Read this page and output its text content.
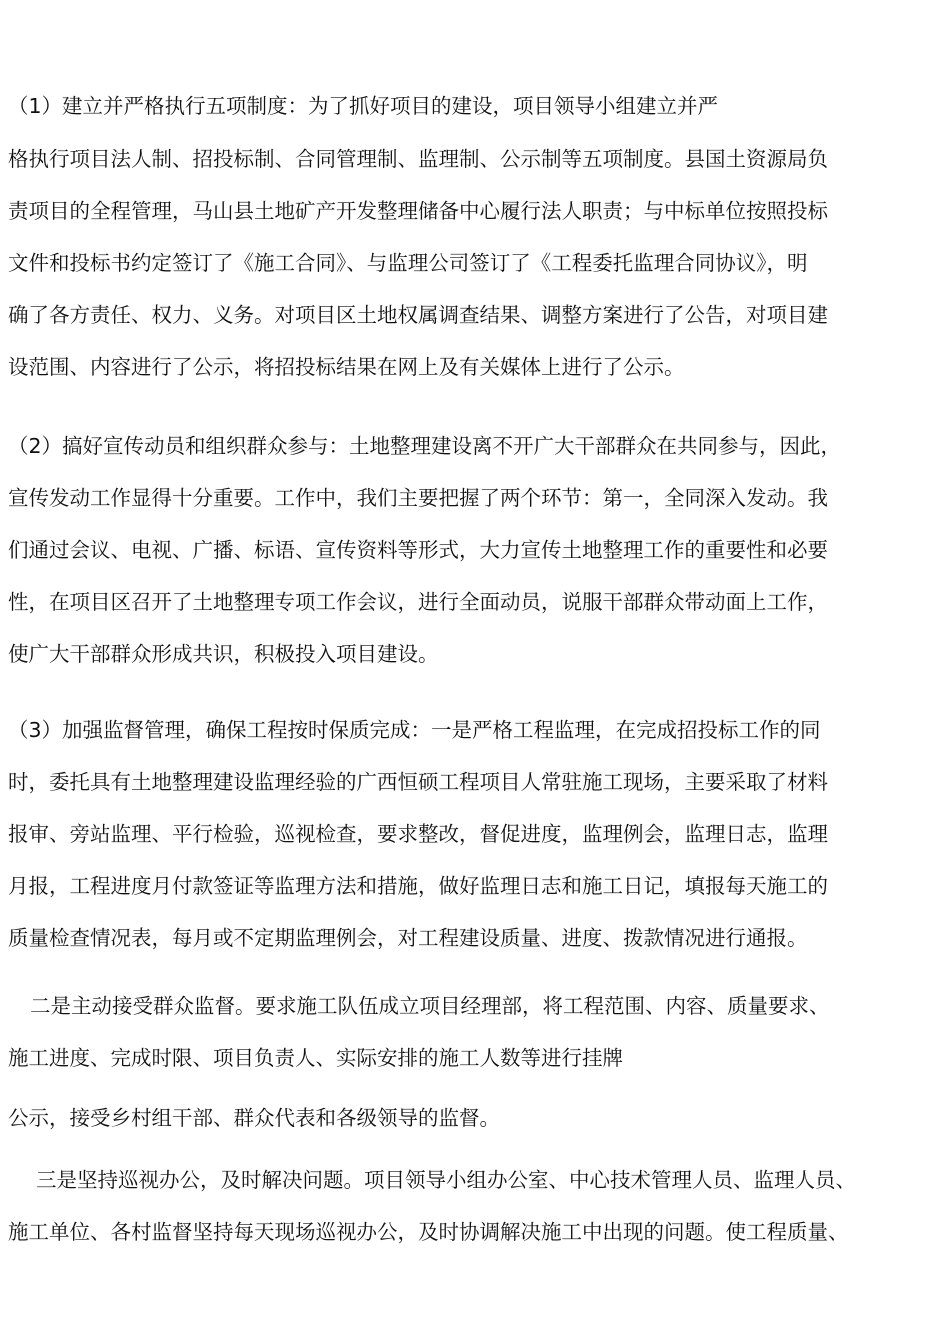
（1）建立并严格执行五项制度：为了抓好项目的建设，项目领导小组建立并严
格执行项目法人制、招投标制、合同管理制、监理制、公示制等五项制度。县国土资源局负
责项目的全程管理，马山县土地矿产开发整理储备中心履行法人职责；与中标单位按照投标
文件和投标书约定签订了《施工合同》、与监理公司签订了《工程委托监理合同协议》，明
确了各方责任、权力、义务。对项目区土地权属调查结果、调整方案进行了公告，对项目建
设范围、内容进行了公示，将招投标结果在网上及有关媒体上进行了公示。
（2）搞好宣传动员和组织群众参与：土地整理建设离不开广大干部群众在共同参与，因此，
宣传发动工作显得十分重要。工作中，我们主要把握了两个环节：第一，全同深入发动。我
们通过会议、电视、广播、标语、宣传资料等形式，大力宣传土地整理工作的重要性和必要
性，在项目区召开了土地整理专项工作会议，进行全面动员，说服干部群众带动面上工作，
使广大干部群众形成共识，积极投入项目建设。
（3）加强监督管理，确保工程按时保质完成：一是严格工程监理，在完成招投标工作的同
时，委托具有土地整理建设监理经验的广西恒硕工程项目人常驻施工现场，主要采取了材料
报审、旁站监理、平行检验，巡视检查，要求整改，督促进度，监理例会，监理日志，监理
月报，工程进度月付款签证等监理方法和措施，做好监理日志和施工日记，填报每天施工的
质量检查情况表，每月或不定期监理例会，对工程建设质量、进度、拨款情况进行通报。
二是主动接受群众监督。要求施工队伍成立项目经理部，将工程范围、内容、质量要求、
施工进度、完成时限、项目负责人、实际安排的施工人数等进行挂牌
公示，接受乡村组干部、群众代表和各级领导的监督。
三是坚持巡视办公，及时解决问题。项目领导小组办公室、中心技术管理人员、监理人员、
施工单位、各村监督坚持每天现场巡视办公，及时协调解决施工中出现的问题。使工程质量、
